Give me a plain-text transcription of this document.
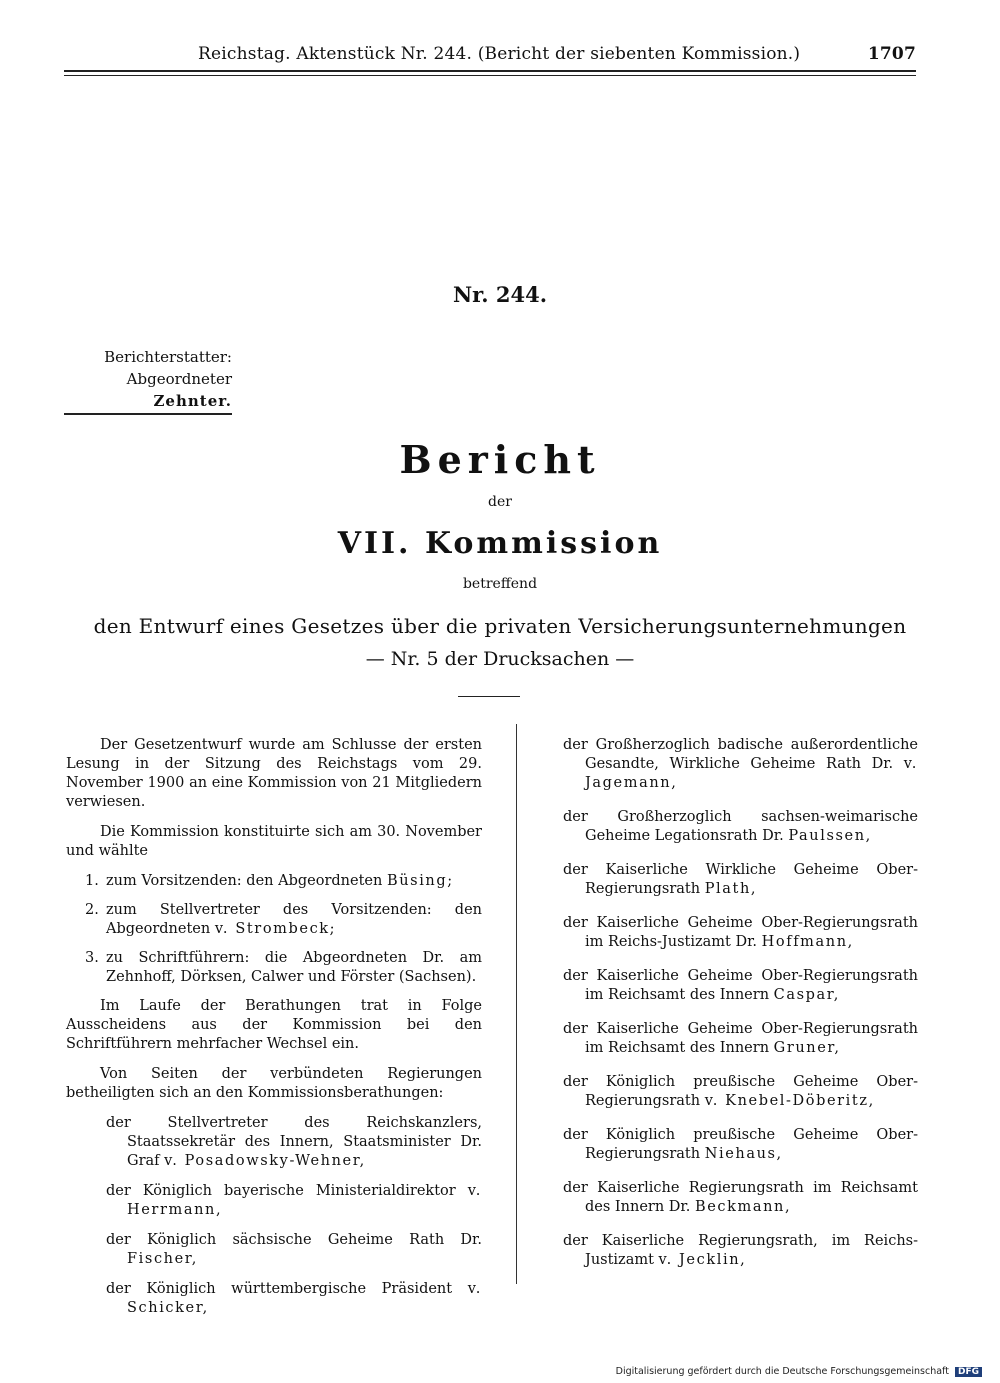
Reichstag. Aktenstück Nr. 244. (Bericht der siebenten Kommission.)	1707
Nr. 244.
Berichterstatter:
Abgeordneter Zehnter.
Bericht
der
VII. Kommission
betreffend
den Entwurf eines Gesetzes über die privaten Versicherungsunternehmungen
— Nr. 5 der Drucksachen —

Der Gesetzentwurf wurde am Schlusse der ersten Lesung in der Sitzung des Reichstags vom 29. November 1900 an eine Kommission von 21 Mitgliedern verwiesen.

Die Kommission konstituirte sich am 30. November und wählte

1. zum Vorsitzenden: den Abgeordneten Büsing;
2. zum Stellvertreter des Vorsitzenden: den Abgeordneten v. Strombeck;
3. zu Schriftführern: die Abgeordneten Dr. am Zehnhoff, Dörksen, Calwer und Förster (Sachsen).

Im Laufe der Berathungen trat in Folge Ausscheidens aus der Kommission bei den Schriftführern mehrfacher Wechsel ein.

Von Seiten der verbündeten Regierungen betheiligten sich an den Kommissionsberathungen:

der Stellvertreter des Reichskanzlers, Staatssekretär des Innern, Staatsminister Dr. Graf v. Posadowsky-Wehner,
der Königlich bayerische Ministerialdirektor v. Herrmann,
der Königlich sächsische Geheime Rath Dr. Fischer,
der Königlich württembergische Präsident v. Schicker,
der Großherzoglich badische außerordentliche Gesandte, Wirkliche Geheime Rath Dr. v. Jagemann,
der Großherzoglich sachsen-weimarische Geheime Legationsrath Dr. Paulssen,
der Kaiserliche Wirkliche Geheime Ober-Regierungsrath Plath,
der Kaiserliche Geheime Ober-Regierungsrath im Reichs-Justizamt Dr. Hoffmann,
der Kaiserliche Geheime Ober-Regierungsrath im Reichsamt des Innern Caspar,
der Kaiserliche Geheime Ober-Regierungsrath im Reichsamt des Innern Gruner,
der Königlich preußische Geheime Ober-Regierungsrath v. Knebel-Döberitz,
der Königlich preußische Geheime Ober-Regierungsrath Niehaus,
der Kaiserliche Regierungsrath im Reichsamt des Innern Dr. Beckmann,
der Kaiserliche Regierungsrath, im Reichs-Justizamt v. Jecklin,
Digitalisierung gefördert durch die Deutsche Forschungsgemeinschaft DFG
